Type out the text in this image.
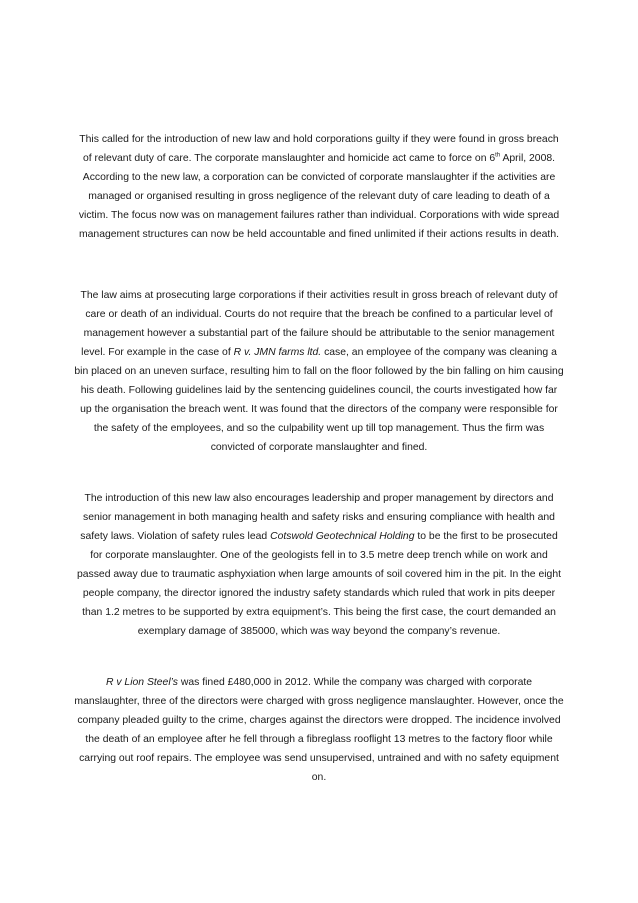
This called for the introduction of new law and hold corporations guilty if they were found in gross breach of relevant duty of care. The corporate manslaughter and homicide act came to force on 6th April, 2008. According to the new law, a corporation can be convicted of corporate manslaughter if the activities are managed or organised resulting in gross negligence of the relevant duty of care leading to death of a victim. The focus now was on management failures rather than individual. Corporations with wide spread management structures can now be held accountable and fined unlimited if their actions results in death.

The law aims at prosecuting large corporations if their activities result in gross breach of relevant duty of care or death of an individual. Courts do not require that the breach be confined to a particular level of management however a substantial part of the failure should be attributable to the senior management level. For example in the case of R v. JMN farms ltd. case, an employee of the company was cleaning a bin placed on an uneven surface, resulting him to fall on the floor followed by the bin falling on him causing his death. Following guidelines laid by the sentencing guidelines council, the courts investigated how far up the organisation the breach went. It was found that the directors of the company were responsible for the safety of the employees, and so the culpability went up till top management. Thus the firm was convicted of corporate manslaughter and fined.

The introduction of this new law also encourages leadership and proper management by directors and senior management in both managing health and safety risks and ensuring compliance with health and safety laws. Violation of safety rules lead Cotswold Geotechnical Holding to be the first to be prosecuted for corporate manslaughter. One of the geologists fell in to 3.5 metre deep trench while on work and passed away due to traumatic asphyxiation when large amounts of soil covered him in the pit. In the eight people company, the director ignored the industry safety standards which ruled that work in pits deeper than 1.2 metres to be supported by extra equipment’s. This being the first case, the court demanded an exemplary damage of 385000, which was way beyond the company’s revenue.

R v Lion Steel’s was fined £480,000 in 2012. While the company was charged with corporate manslaughter, three of the directors were charged with gross negligence manslaughter. However, once the company pleaded guilty to the crime, charges against the directors were dropped. The incidence involved the death of an employee after he fell through a fibreglass rooflight 13 metres to the factory floor while carrying out roof repairs. The employee was send unsupervised, untrained and with no safety equipment on.
